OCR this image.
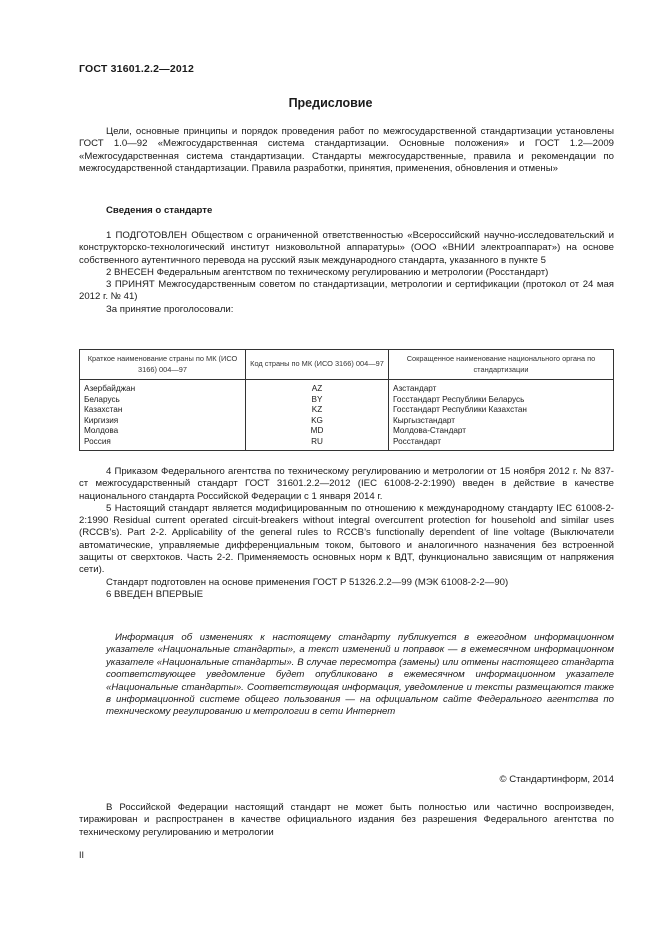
ГОСТ 31601.2.2—2012
Предисловие

Цели, основные принципы и порядок проведения работ по межгосударственной стандартизации установлены ГОСТ 1.0—92 «Межгосударственная система стандартизации. Основные положения» и ГОСТ 1.2—2009 «Межгосударственная система стандартизации. Стандарты межгосударственные, правила и рекомендации по межгосударственной стандартизации. Правила разработки, принятия, применения, обновления и отмены»

Сведения о стандарте

1 ПОДГОТОВЛЕН Обществом с ограниченной ответственностью «Всероссийский научно-исследовательский и конструкторско-технологический институт низковольтной аппаратуры» (ООО «ВНИИ электроаппарат») на основе собственного аутентичного перевода на русский язык международного стандарта, указанного в пункте 5

2 ВНЕСЕН Федеральным агентством по техническому регулированию и метрологии (Росстандарт)

3 ПРИНЯТ Межгосударственным советом по стандартизации, метрологии и сертификации (протокол от 24 мая 2012 г. № 41)

За принятие проголосовали:

Краткое наименование страны по МК (ИСО 3166) 004—97	Код страны по МК (ИСО 3166) 004—97	Сокращенное наименование национального органа по стандартизации
Азербайджан	AZ	Азстандарт
Беларусь	BY	Госстандарт Республики Беларусь
Казахстан	KZ	Госстандарт Республики Казахстан
Киргизия	KG	Кыргызстандарт
Молдова	MD	Молдова-Стандарт
Россия	RU	Росстандарт

4 Приказом Федерального агентства по техническому регулированию и метрологии от 15 ноября 2012 г. № 837-ст межгосударственный стандарт ГОСТ 31601.2.2—2012 (IEC 61008-2-2:1990) введен в действие в качестве национального стандарта Российской Федерации с 1 января 2014 г.

5 Настоящий стандарт является модифицированным по отношению к международному стандарту IEC 61008-2-2:1990 Residual current operated circuit-breakers without integral overcurrent protection for household and similar uses (RCCB’s). Part 2-2. Applicability of the general rules to RCCB’s functionally dependent of line voltage (Выключатели автоматические, управляемые дифференциальным током, бытового и аналогичного назначения без встроенной защиты от сверхтоков. Часть 2-2. Применяемость основных норм к ВДТ, функционально зависящим от напряжения сети).

Стандарт подготовлен на основе применения ГОСТ Р 51326.2.2—99 (МЭК 61008-2-2—90)

6 ВВЕДЕН ВПЕРВЫЕ

Информация об изменениях к настоящему стандарту публикуется в ежегодном информационном указателе «Национальные стандарты», а текст изменений и поправок — в ежемесячном информационном указателе «Национальные стандарты». В случае пересмотра (замены) или отмены настоящего стандарта соответствующее уведомление будет опубликовано в ежемесячном информационном указателе «Национальные стандарты». Соответствующая информация, уведомление и тексты размещаются также в информационной системе общего пользования — на официальном сайте Федерального агентства по техническому регулированию и метрологии в сети Интернет

© Стандартинформ, 2014

В Российской Федерации настоящий стандарт не может быть полностью или частично воспроизведен, тиражирован и распространен в качестве официального издания без разрешения Федерального агентства по техническому регулированию и метрологии

II
